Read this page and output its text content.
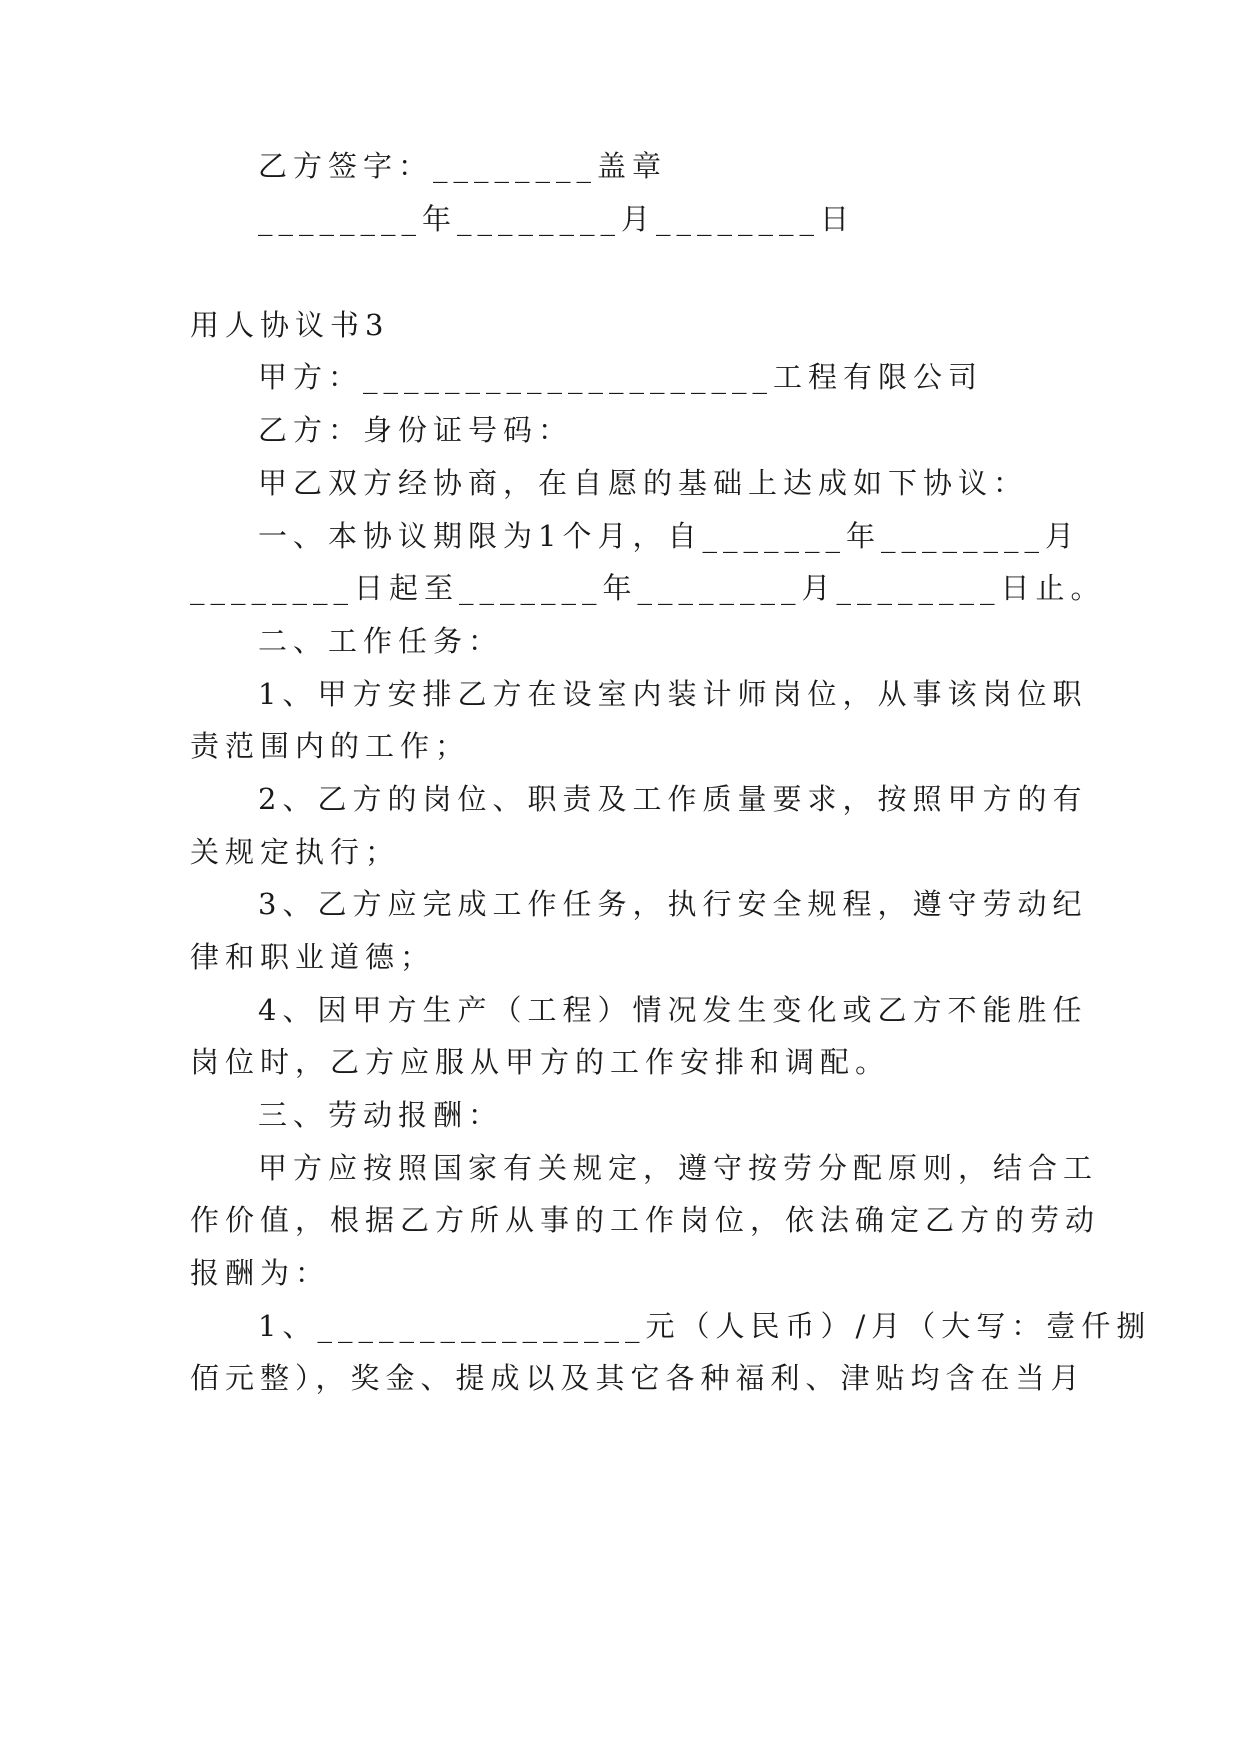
乙方签字：________盖章
________年________月________日
用人协议书3
甲方：____________________工程有限公司
乙方：身份证号码：
甲乙双方经协商，在自愿的基础上达成如下协议：
一、本协议期限为1个月，自_______年________月
________日起至_______年________月________日止。
二、工作任务：
1、甲方安排乙方在设室内装计师岗位，从事该岗位职
责范围内的工作；
2、乙方的岗位、职责及工作质量要求，按照甲方的有
关规定执行；
3、乙方应完成工作任务，执行安全规程，遵守劳动纪
律和职业道德；
4、因甲方生产（工程）情况发生变化或乙方不能胜任
岗位时，乙方应服从甲方的工作安排和调配。
三、劳动报酬：
甲方应按照国家有关规定，遵守按劳分配原则，结合工
作价值，根据乙方所从事的工作岗位，依法确定乙方的劳动
报酬为：
1、________________元（人民币）/月（大写：壹仟捌
佰元整），奖金、提成以及其它各种福利、津贴均含在当月
